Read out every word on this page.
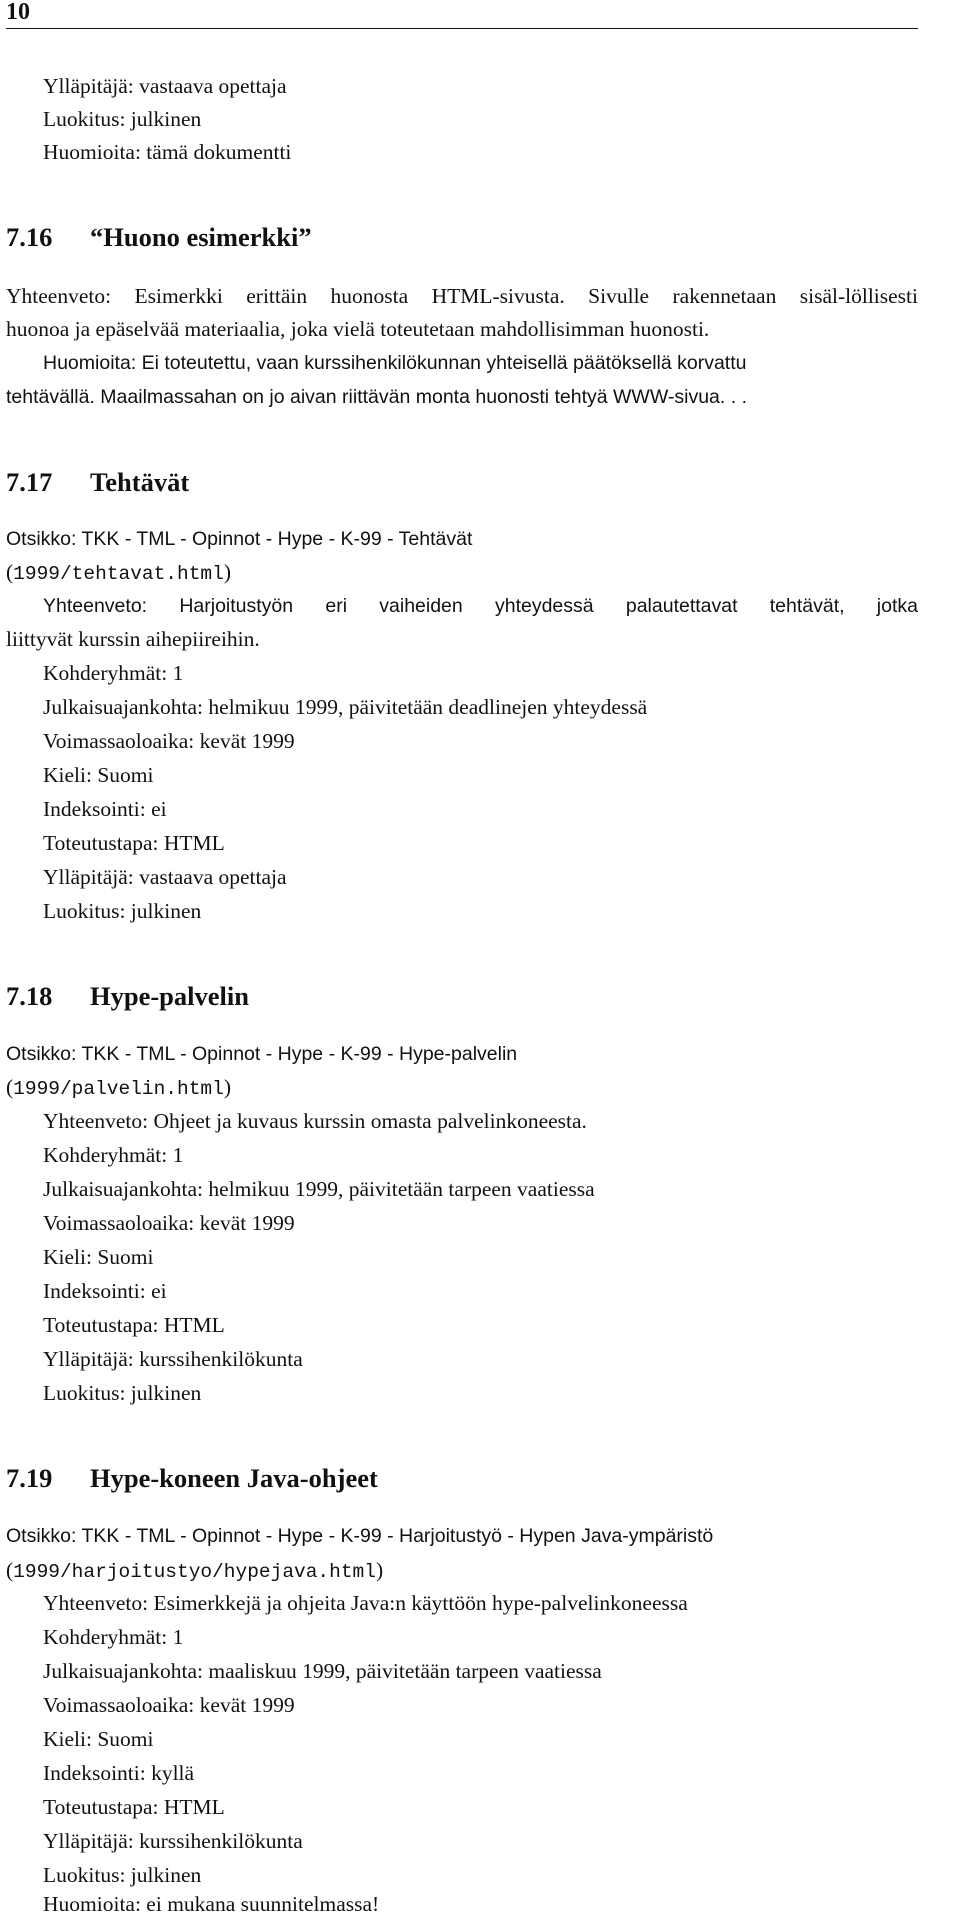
10
Ylläpitäjä: vastaava opettaja
Luokitus: julkinen
Huomioita: tämä dokumentti
7.16 “Huono esimerkki”
Yhteenveto: Esimerkki erittäin huonosta HTML-sivusta. Sivulle rakennetaan sisäl-löllisesti
huonoa ja epäselvää materiaalia, joka vielä toteutetaan mahdollisimman huonosti.
Huomioita: Ei toteutettu, vaan kurssihenkilökunnan yhteisellä päätöksellä korvattu
tehtävällä. Maailmassahan on jo aivan riittävän monta huonosti tehtyä WWW-sivua. . .
7.17 Tehtävät
Otsikko: TKK - TML - Opinnot - Hype - K-99 - Tehtävät
(1999/tehtavat.html)
Yhteenveto: Harjoitustyön eri vaiheiden yhteydessä palautettavat tehtävät, jotka
liittyvät kurssin aihepiireihin.
Kohderyhmät: 1
Julkaisuajankohta: helmikuu 1999, päivitetään deadlinejen yhteydessä
Voimassaoloaika: kevät 1999
Kieli: Suomi
Indeksointi: ei
Toteutustapa: HTML
Ylläpitäjä: vastaava opettaja
Luokitus: julkinen
7.18 Hype-palvelin
Otsikko: TKK - TML - Opinnot - Hype - K-99 - Hype-palvelin
(1999/palvelin.html)
Yhteenveto: Ohjeet ja kuvaus kurssin omasta palvelinkoneesta.
Kohderyhmät: 1
Julkaisuajankohta: helmikuu 1999, päivitetään tarpeen vaatiessa
Voimassaoloaika: kevät 1999
Kieli: Suomi
Indeksointi: ei
Toteutustapa: HTML
Ylläpitäjä: kurssihenkilökunta
Luokitus: julkinen
7.19 Hype-koneen Java-ohjeet
Otsikko: TKK - TML - Opinnot - Hype - K-99 - Harjoitustyö - Hypen Java-ympäristö
(1999/harjoitustyo/hypejava.html)
Yhteenveto: Esimerkkejä ja ohjeita Java:n käyttöön hype-palvelinkoneessa
Kohderyhmät: 1
Julkaisuajankohta: maaliskuu 1999, päivitetään tarpeen vaatiessa
Voimassaoloaika: kevät 1999
Kieli: Suomi
Indeksointi: kyllä
Toteutustapa: HTML
Ylläpitäjä: kurssihenkilökunta
Luokitus: julkinen
Huomioita: ei mukana suunnitelmassa!
